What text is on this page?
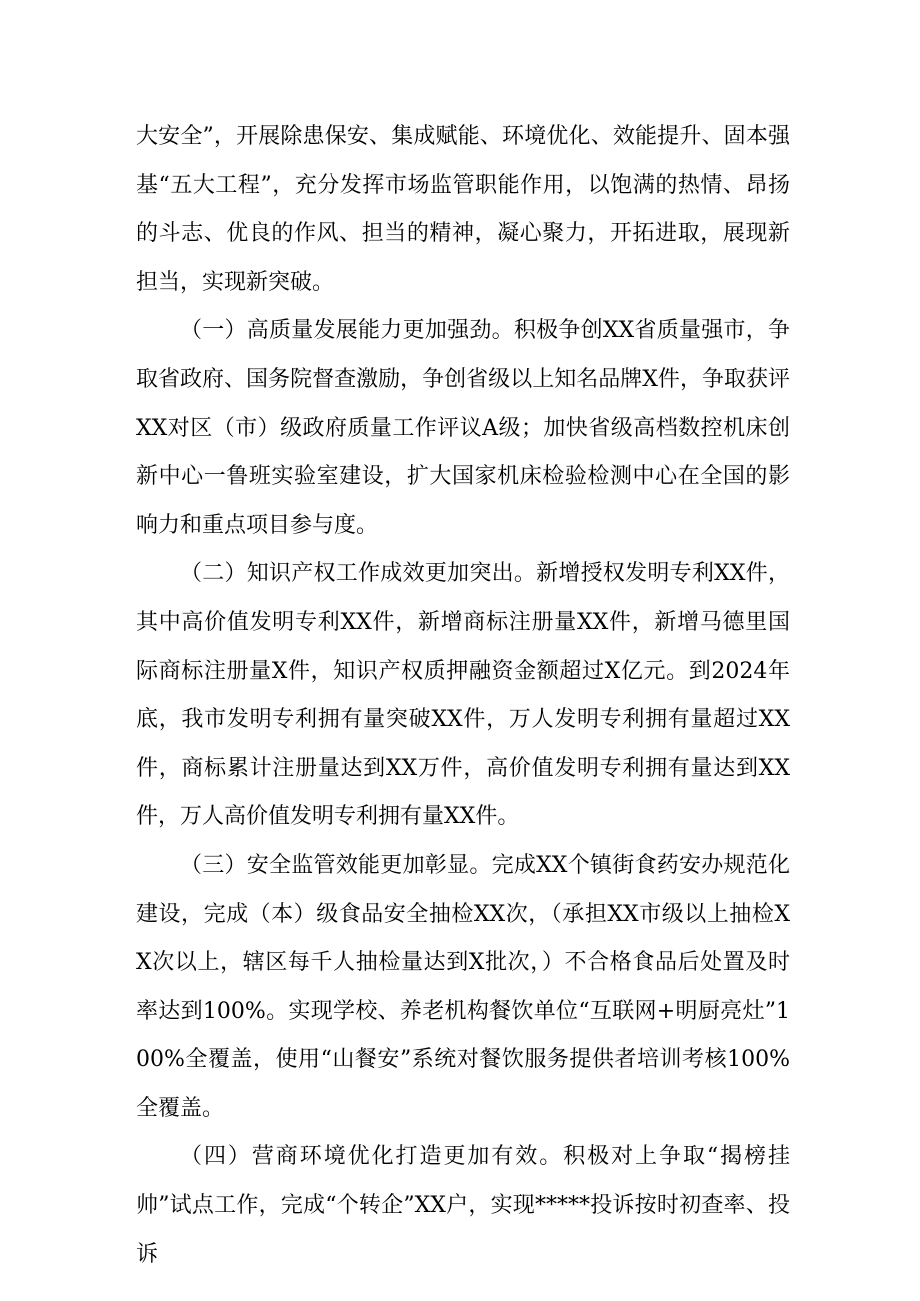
大安全”，开展除患保安、集成赋能、环境优化、效能提升、固本强基“五大工程”，充分发挥市场监管职能作用，以饱满的热情、昂扬的斗志、优良的作风、担当的精神，凝心聚力，开拓进取，展现新担当，实现新突破。

（一）高质量发展能力更加强劲。积极争创XX省质量强市，争取省政府、国务院督查激励，争创省级以上知名品牌X件，争取获评XX对区（市）级政府质量工作评议A级；加快省级高档数控机床创新中心一鲁班实验室建设，扩大国家机床检验检测中心在全国的影响力和重点项目参与度。

（二）知识产权工作成效更加突出。新增授权发明专利XX件，其中高价值发明专利XX件，新增商标注册量XX件，新增马德里国际商标注册量X件，知识产权质押融资金额超过X亿元。到2024年底，我市发明专利拥有量突破XX件，万人发明专利拥有量超过XX件，商标累计注册量达到XX万件，高价值发明专利拥有量达到XX件，万人高价值发明专利拥有量XX件。

（三）安全监管效能更加彰显。完成XX个镇街食药安办规范化建设，完成（本）级食品安全抽检XX次，（承担XX市级以上抽检XX次以上，辖区每千人抽检量达到X批次，）不合格食品后处置及时率达到100%。实现学校、养老机构餐饮单位“互联网+明厨亮灶”100%全覆盖，使用“山餐安”系统对餐饮服务提供者培训考核100%全覆盖。

（四）营商环境优化打造更加有效。积极对上争取“揭榜挂帅”试点工作，完成“个转企”XX户，实现*****投诉按时初查率、投诉
